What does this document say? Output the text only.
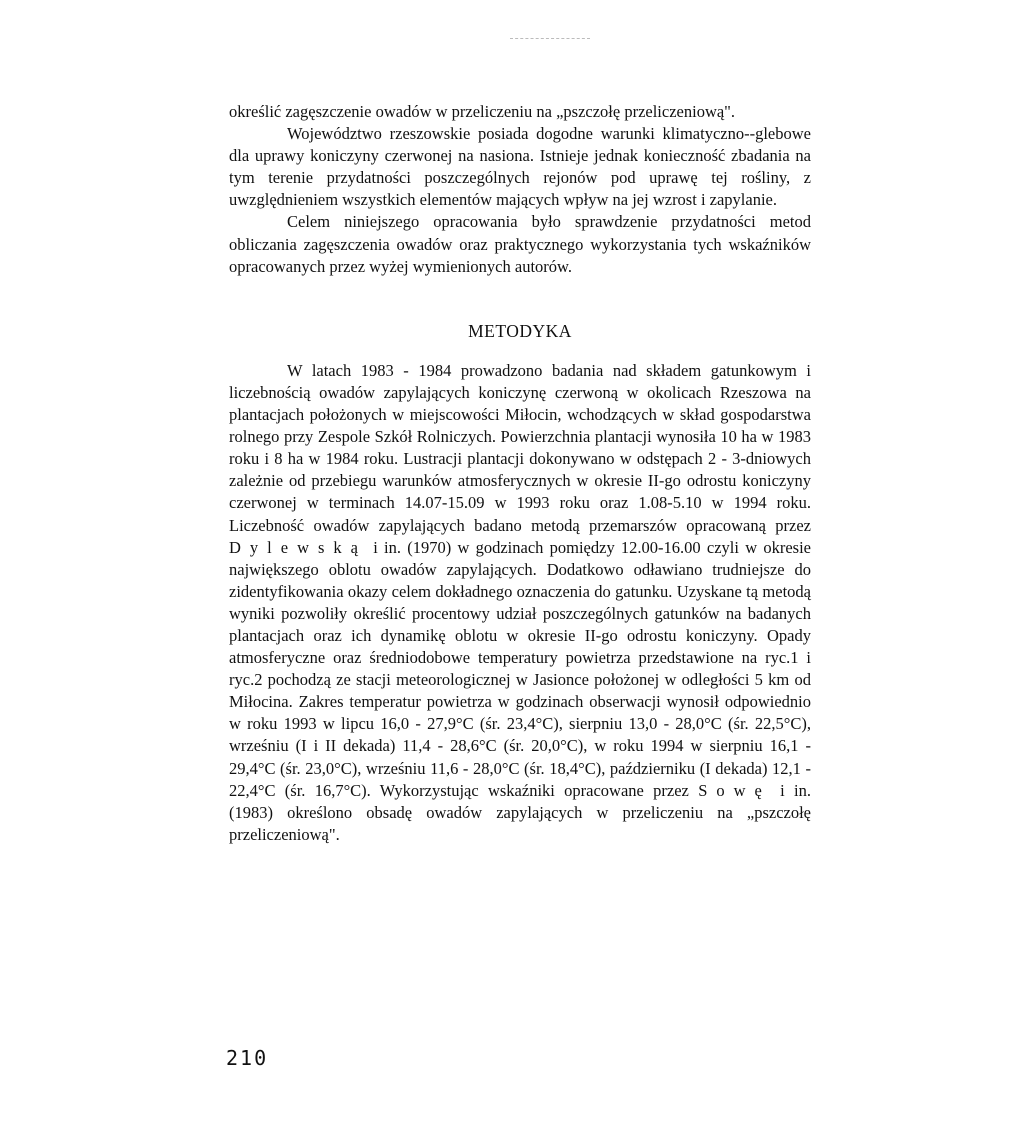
określić zagęszczenie owadów w przeliczeniu na „pszczołę przeliczeniową".

Województwo rzeszowskie posiada dogodne warunki klimatyczno--glebowe dla uprawy koniczyny czerwonej na nasiona. Istnieje jednak konieczność zbadania na tym terenie przydatności poszczególnych rejonów pod uprawę tej rośliny, z uwzględnieniem wszystkich elementów mających wpływ na jej wzrost i zapylanie.

Celem niniejszego opracowania było sprawdzenie przydatności metod obliczania zagęszczenia owadów oraz praktycznego wykorzystania tych wskaźników opracowanych przez wyżej wymienionych autorów.

METODYKA

W latach 1983 - 1984 prowadzono badania nad składem gatunkowym i liczebnością owadów zapylających koniczynę czerwoną w okolicach Rzeszowa na plantacjach położonych w miejscowości Miłocin, wchodzących w skład gospodarstwa rolnego przy Zespole Szkół Rolniczych. Powierzchnia plantacji wynosiła 10 ha w 1983 roku i 8 ha w 1984 roku. Lustracji plantacji dokonywano w odstępach 2 - 3-dniowych zależnie od przebiegu warunków atmosferycznych w okresie II-go odrostu koniczyny czerwonej w terminach 14.07-15.09 w 1993 roku oraz 1.08-5.10 w 1994 roku. Liczebność owadów zapylających badano metodą przemarszów opracowaną przez Dylewską i in. (1970) w godzinach pomiędzy 12.00-16.00 czyli w okresie największego oblotu owadów zapylających. Dodatkowo odławiano trudniejsze do zidentyfikowania okazy celem dokładnego oznaczenia do gatunku. Uzyskane tą metodą wyniki pozwoliły określić procentowy udział poszczególnych gatunków na badanych plantacjach oraz ich dynamikę oblotu w okresie II-go odrostu koniczyny. Opady atmosferyczne oraz średniodobowe temperatury powietrza przedstawione na ryc.1 i ryc.2 pochodzą ze stacji meteorologicznej w Jasionce położonej w odległości 5 km od Miłocina. Zakres temperatur powietrza w godzinach obserwacji wynosił odpowiednio w roku 1993 w lipcu 16,0 - 27,9°C (śr. 23,4°C), sierpniu 13,0 - 28,0°C (śr. 22,5°C), wrześniu (I i II dekada) 11,4 - 28,6°C (śr. 20,0°C), w roku 1994 w sierpniu 16,1 - 29,4°C (śr. 23,0°C), wrześniu 11,6 - 28,0°C (śr. 18,4°C), październiku (I dekada) 12,1 - 22,4°C (śr. 16,7°C). Wykorzystując wskaźniki opracowane przez Sowę i in. (1983) określono obsadę owadów zapylających w przeliczeniu na „pszczołę przeliczeniową".

210
